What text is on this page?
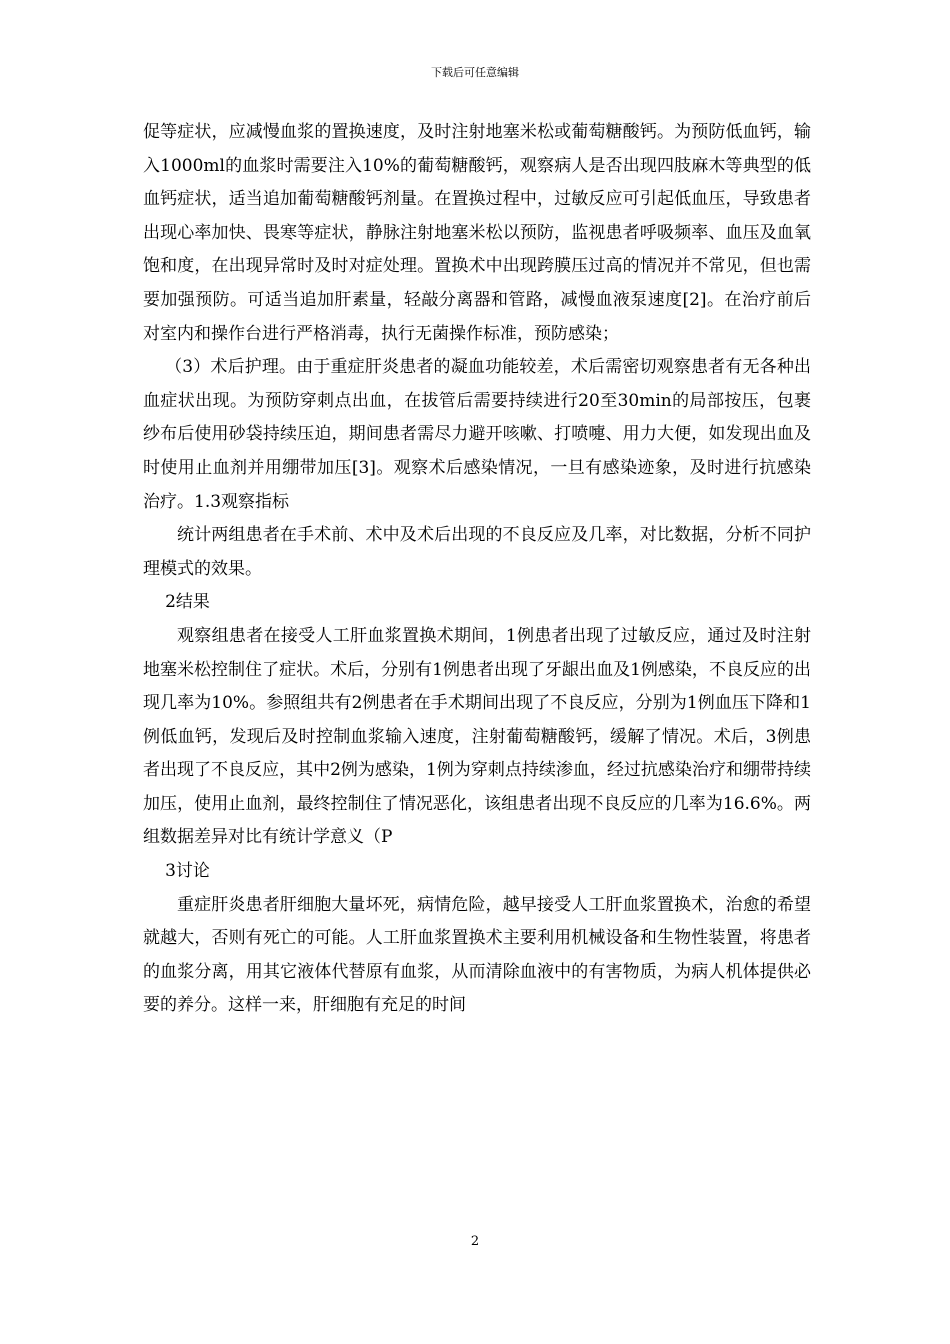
下载后可任意编辑

促等症状，应减慢血浆的置换速度，及时注射地塞米松或葡萄糖酸钙。为预防低血钙，输入1000ml的血浆时需要注入10%的葡萄糖酸钙，观察病人是否出现四肢麻木等典型的低血钙症状，适当追加葡萄糖酸钙剂量。在置换过程中，过敏反应可引起低血压，导致患者出现心率加快、畏寒等症状，静脉注射地塞米松以预防，监视患者呼吸频率、血压及血氧饱和度，在出现异常时及时对症处理。置换术中出现跨膜压过高的情况并不常见，但也需要加强预防。可适当追加肝素量，轻敲分离器和管路，减慢血液泵速度[2]。在治疗前后对室内和操作台进行严格消毒，执行无菌操作标准，预防感染；

（3）术后护理。由于重症肝炎患者的凝血功能较差，术后需密切观察患者有无各种出血症状出现。为预防穿刺点出血，在拔管后需要持续进行20至30min的局部按压，包裹纱布后使用砂袋持续压迫，期间患者需尽力避开咳嗽、打喷嚏、用力大便，如发现出血及时使用止血剂并用绷带加压[3]。观察术后感染情况，一旦有感染迹象，及时进行抗感染治疗。1.3观察指标

统计两组患者在手术前、术中及术后出现的不良反应及几率，对比数据，分析不同护理模式的效果。

2结果

观察组患者在接受人工肝血浆置换术期间，1例患者出现了过敏反应，通过及时注射地塞米松控制住了症状。术后，分别有1例患者出现了牙龈出血及1例感染，不良反应的出现几率为10%。参照组共有2例患者在手术期间出现了不良反应，分别为1例血压下降和1例低血钙，发现后及时控制血浆输入速度，注射葡萄糖酸钙，缓解了情况。术后，3例患者出现了不良反应，其中2例为感染，1例为穿刺点持续渗血，经过抗感染治疗和绷带持续加压，使用止血剂，最终控制住了情况恶化，该组患者出现不良反应的几率为16.6%。两组数据差异对比有统计学意义（P

3讨论

重症肝炎患者肝细胞大量坏死，病情危险，越早接受人工肝血浆置换术，治愈的希望就越大，否则有死亡的可能。人工肝血浆置换术主要利用机械设备和生物性装置，将患者的血浆分离，用其它液体代替原有血浆，从而清除血液中的有害物质，为病人机体提供必要的养分。这样一来，肝细胞有充足的时间

2
